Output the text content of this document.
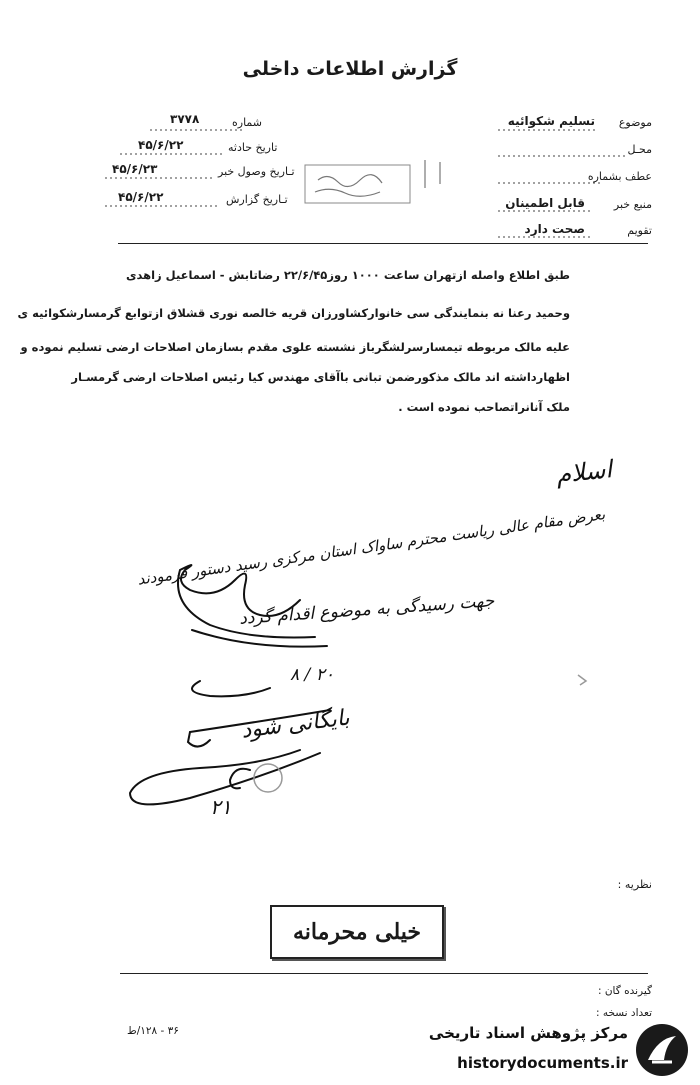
گزارش اطلاعات داخلی
موضوع
تسلیم شکوائیه
محـل
عطف بشماره
منبع خبر
قابل اطمینان
تقویم
صحت دارد
شماره
۳۷۷۸
تاریخ حادثه
۴۵/۶/۲۲
تـاریخ وصول خبر
۴۵/۶/۲۳
تـاریخ گزارش
۴۵/۶/۲۲
طبق اطلاع واصله ازتهران ساعت ۱۰۰۰ روز۲۲/۶/۴۵ رضاتابش - اسماعیل زاهدی
وحمید رعنا نه بنمایندگی سی خانوارکشاورزان قریه خالصه نوری قشلاق ازتوابع گرمسارشکوائیه ی
علیه مالک مربوطه تیمسارسرلشگرباز نشسته علوی مقدم بسازمان اصلاحات ارضی تسلیم نموده و
اظهارداشته اند مالک مذکورضمن تبانی باآقای مهندس کیا رئیس اصلاحات ارضی گرمسـار
ملک آنانراتصاحب نموده است .
اسلام
بعرض مقام عالی ریاست محترم ساواک استان مرکزی رسید دستور فرمودند
جهت رسیدگی به موضوع اقدام گردد
۲۰ / ۸
بایگانی شود
۲۱
نظریه :
خیلی محرمانه
گیرنده گان :
تعداد نسخه :
۳۶ - ۱۲۸/ط	مرکز پژوهش اسناد تاریخی
historydocuments.ir
